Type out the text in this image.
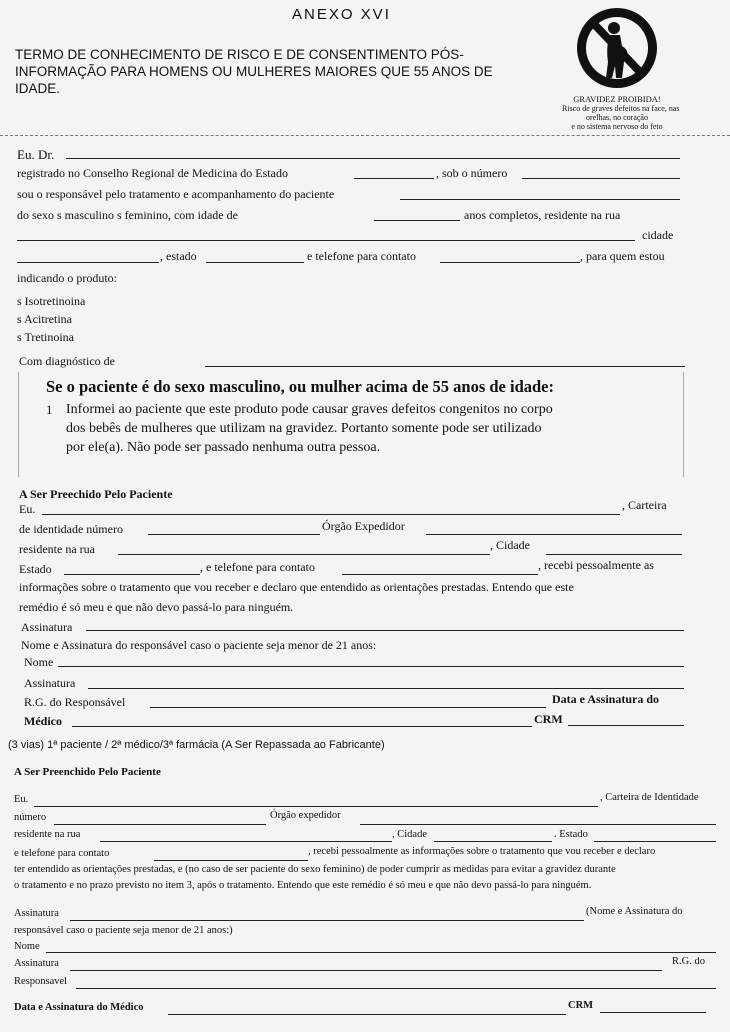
ANEXO XVI
TERMO DE CONHECIMENTO DE RISCO E DE CONSENTIMENTO PÓS-
INFORMAÇÃO PARA HOMENS OU MULHERES MAIORES QUE 55 ANOS DE
IDADE.
GRAVIDEZ PROIBIDA!
Risco de graves defeitos na face, nas
orelhas, no coração
e no sistema nervoso do feto
Eu. Dr.
registrado no Conselho Regional de Medicina do Estado	, sob o número
sou o responsável pelo tratamento e acompanhamento do paciente
do sexo s masculino s feminino, com idade de	anos completos, residente na rua
cidade
, estado	e telefone para contato	, para quem estou
indicando o produto:
s Isotretinoina
s Acitretina
s Tretinoina
Com diagnóstico de
Se o paciente é do sexo masculino, ou mulher acima de 55 anos de idade:
1 Informei ao paciente que este produto pode causar graves defeitos congenitos no corpo
dos bebês de mulheres que utilizam na gravidez. Portanto somente pode ser utilizado
por ele(a). Não pode ser passado nenhuma outra pessoa.
A Ser Preechido Pelo Paciente
Eu.	, Carteira
de identidade número	Órgão Expedidor
residente na rua	, Cidade
Estado	, e telefone para contato	, recebi pessoalmente as
informações sobre o tratamento que vou receber e declaro que entendido as orientações prestadas. Entendo que este
remédio é só meu e que não devo passá-lo para ninguém.
Assinatura
Nome e Assinatura do responsável caso o paciente seja menor de 21 anos:
Nome
Assinatura
R.G. do Responsável	Data e Assinatura do
Médico	CRM
(3 vias) 1ª paciente / 2ª médico/3ª farmácia (A Ser Repassada ao Fabricante)
A Ser Preenchido Pelo Paciente
Eu.	, Carteira de Identidade
número	Órgão expedidor
residente na rua	, Cidade	. Estado
e telefone para contato	, recebi pessoalmente as informações sobre o tratamento que vou receber e declaro
ter entendido as orientações prestadas, e (no caso de ser paciente do sexo feminino) de poder cumprir as medidas para evitar a gravidez durante
o tratamento e no prazo previsto no item 3, após o tratamento. Entendo que este remédio é só meu e que não devo passá-lo para ninguém.
Assinatura	(Nome e Assinatura do
responsável caso o paciente seja menor de 21 anos:)
Nome
Assinatura	R.G. do
Responsavel
Data e Assinatura do Médico	CRM
